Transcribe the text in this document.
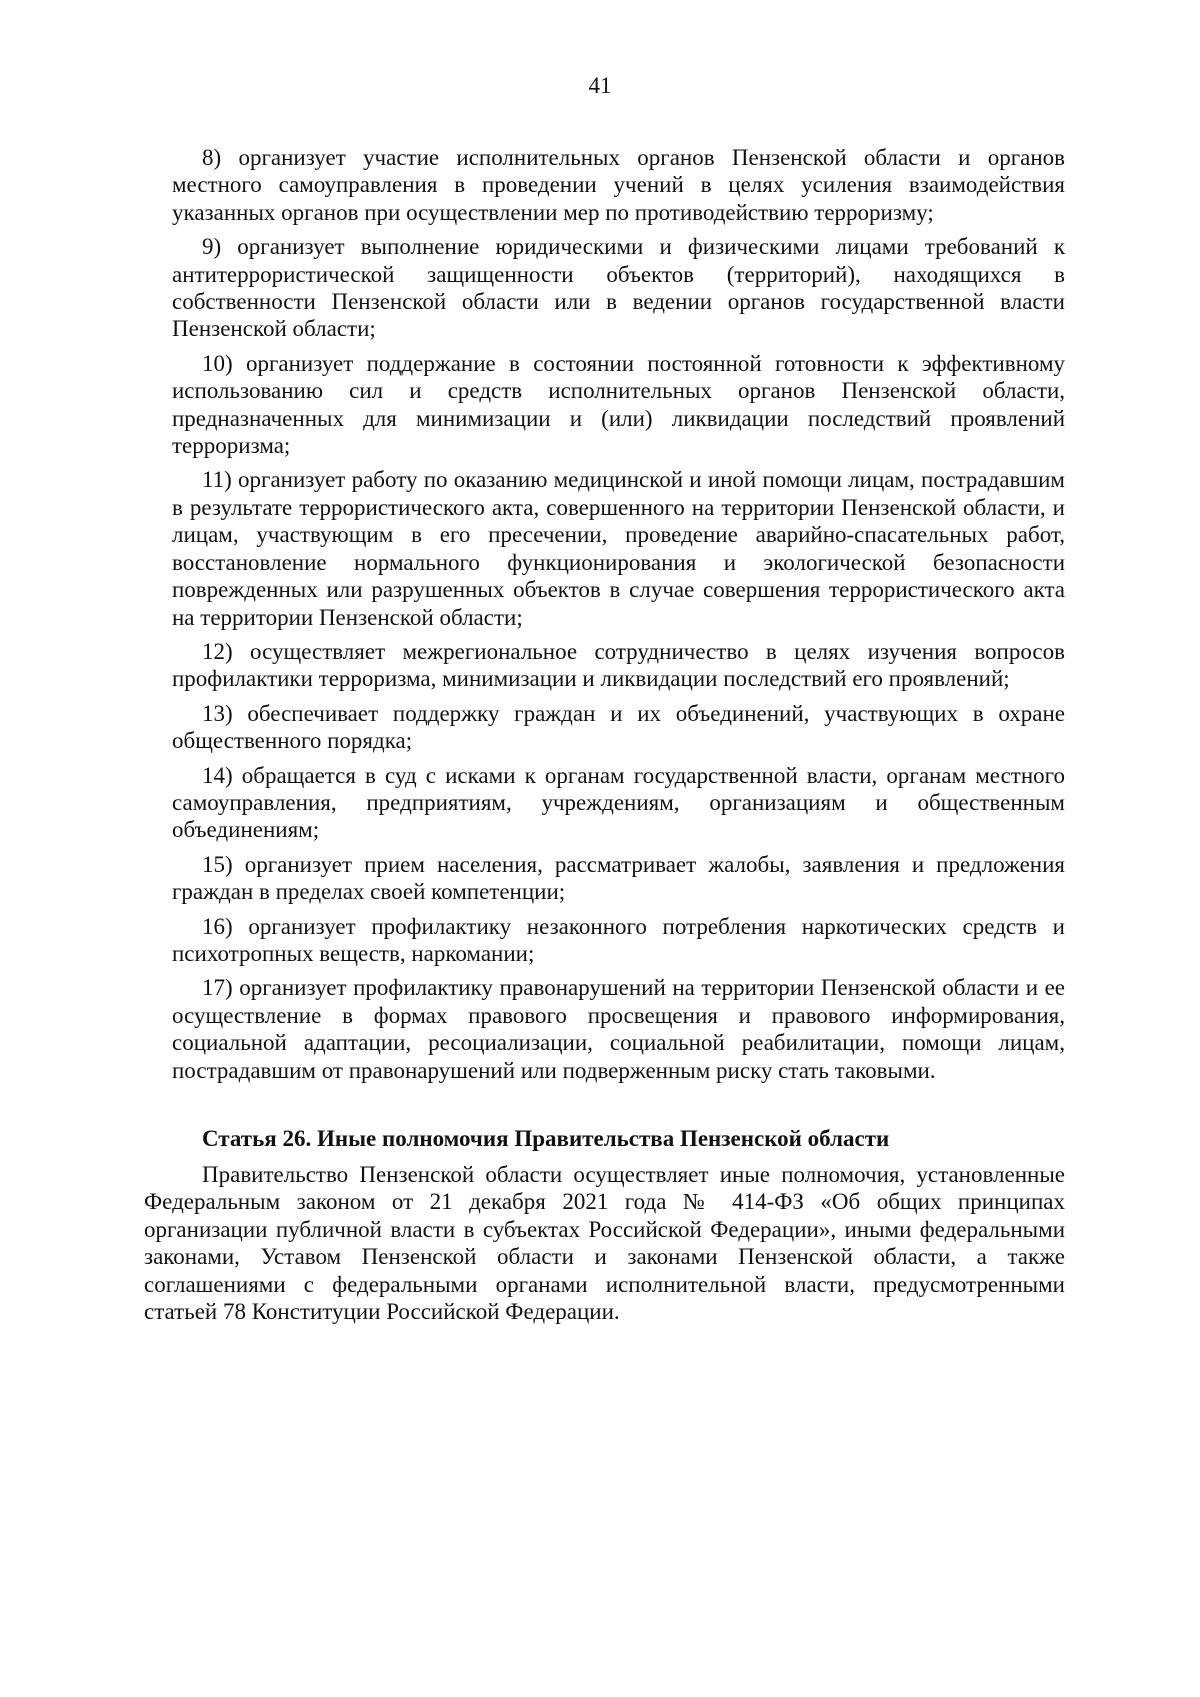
41

8) организует участие исполнительных органов Пензенской области и органов местного самоуправления в проведении учений в целях усиления взаимодействия указанных органов при осуществлении мер по противодействию терроризму;

9) организует выполнение юридическими и физическими лицами требований к антитеррористической защищенности объектов (территорий), находящихся в собственности Пензенской области или в ведении органов государственной власти Пензенской области;

10) организует поддержание в состоянии постоянной готовности к эффективному использованию сил и средств исполнительных органов Пензенской области, предназначенных для минимизации и (или) ликвидации последствий проявлений терроризма;

11) организует работу по оказанию медицинской и иной помощи лицам, пострадавшим в результате террористического акта, совершенного на территории Пензенской области, и лицам, участвующим в его пресечении, проведение аварийно-спасательных работ, восстановление нормального функционирования и экологической безопасности поврежденных или разрушенных объектов в случае совершения террористического акта на территории Пензенской области;

12) осуществляет межрегиональное сотрудничество в целях изучения вопросов профилактики терроризма, минимизации и ликвидации последствий его проявлений;

13) обеспечивает поддержку граждан и их объединений, участвующих в охране общественного порядка;

14) обращается в суд с исками к органам государственной власти, органам местного самоуправления, предприятиям, учреждениям, организациям и общественным объединениям;

15) организует прием населения, рассматривает жалобы, заявления и предложения граждан в пределах своей компетенции;

16) организует профилактику незаконного потребления наркотических средств и психотропных веществ, наркомании;

17) организует профилактику правонарушений на территории Пензенской области и ее осуществление в формах правового просвещения и правового информирования, социальной адаптации, ресоциализации, социальной реабилитации, помощи лицам, пострадавшим от правонарушений или подверженным риску стать таковыми.

Статья 26. Иные полномочия Правительства Пензенской области

Правительство Пензенской области осуществляет иные полномочия, установленные Федеральным законом от 21 декабря 2021 года № 414-ФЗ «Об общих принципах организации публичной власти в субъектах Российской Федерации», иными федеральными законами, Уставом Пензенской области и законами Пензенской области, а также соглашениями с федеральными органами исполнительной власти, предусмотренными статьей 78 Конституции Российской Федерации.
